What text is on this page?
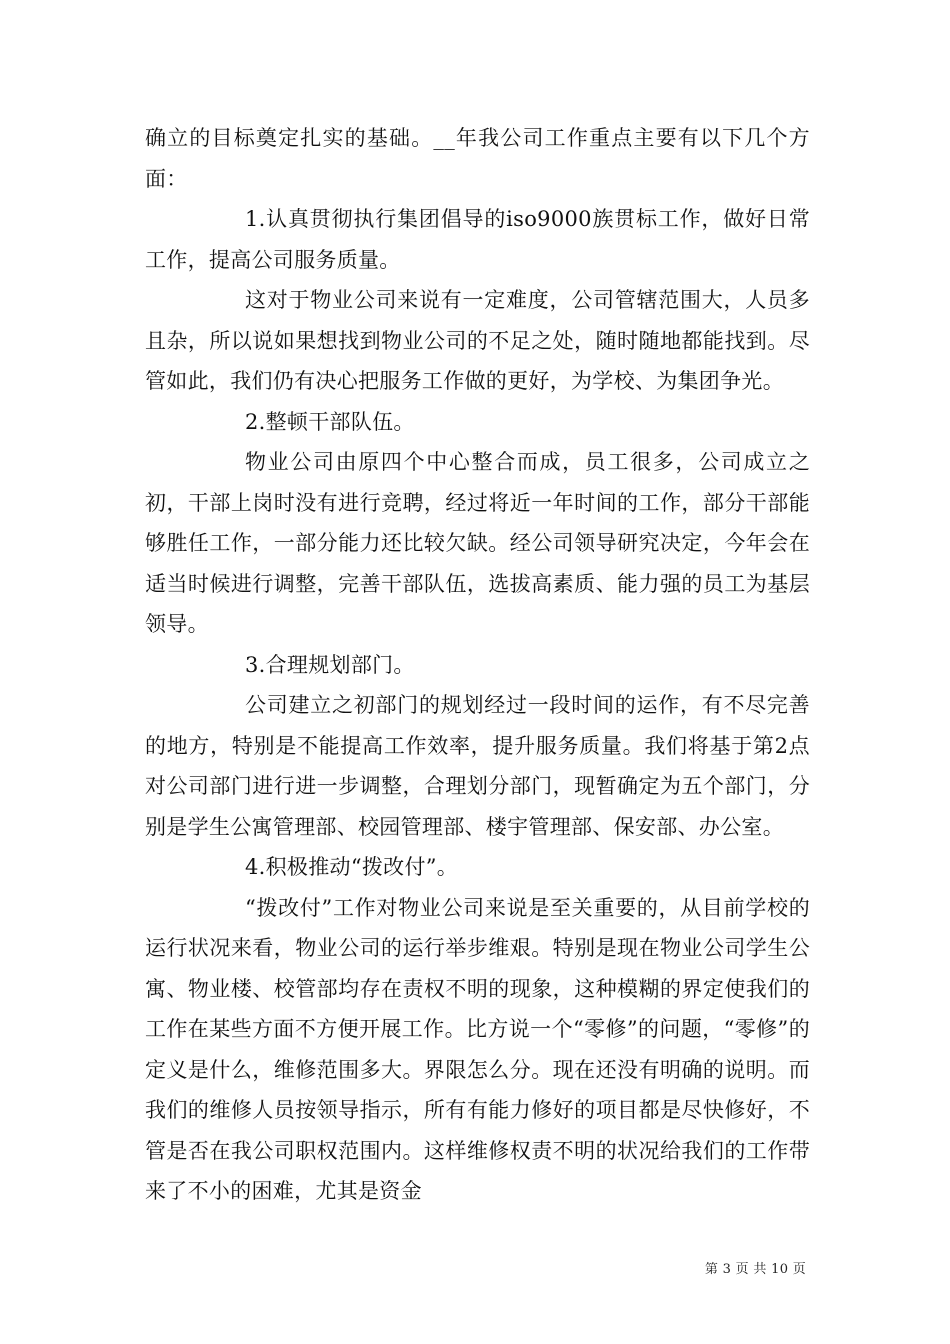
确立的目标奠定扎实的基础。__年我公司工作重点主要有以下几个方面：

1.认真贯彻执行集团倡导的iso9000族贯标工作，做好日常工作，提高公司服务质量。

这对于物业公司来说有一定难度，公司管辖范围大，人员多且杂，所以说如果想找到物业公司的不足之处，随时随地都能找到。尽管如此，我们仍有决心把服务工作做的更好，为学校、为集团争光。

2.整顿干部队伍。

物业公司由原四个中心整合而成，员工很多，公司成立之初，干部上岗时没有进行竞聘，经过将近一年时间的工作，部分干部能够胜任工作，一部分能力还比较欠缺。经公司领导研究决定，今年会在适当时候进行调整，完善干部队伍，选拔高素质、能力强的员工为基层领导。

3.合理规划部门。

公司建立之初部门的规划经过一段时间的运作，有不尽完善的地方，特别是不能提高工作效率，提升服务质量。我们将基于第2点对公司部门进行进一步调整，合理划分部门，现暂确定为五个部门，分别是学生公寓管理部、校园管理部、楼宇管理部、保安部、办公室。

4.积极推动“拨改付”。

“拨改付”工作对物业公司来说是至关重要的，从目前学校的运行状况来看，物业公司的运行举步维艰。特别是现在物业公司学生公寓、物业楼、校管部均存在责权不明的现象，这种模糊的界定使我们的工作在某些方面不方便开展工作。比方说一个“零修”的问题，“零修”的定义是什么，维修范围多大。界限怎么分。现在还没有明确的说明。而我们的维修人员按领导指示，所有有能力修好的项目都是尽快修好，不管是否在我公司职权范围内。这样维修权责不明的状况给我们的工作带来了不小的困难，尤其是资金

第 3 页 共 10 页
